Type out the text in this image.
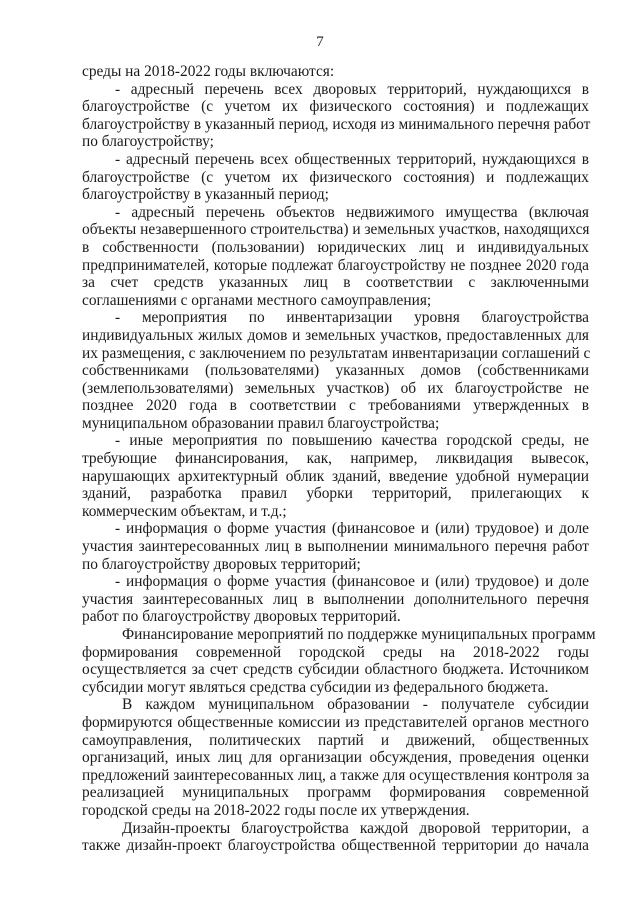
7
среды на 2018-2022 годы включаются:
- адресный перечень всех дворовых территорий, нуждающихся в
благоустройстве (с учетом их физического состояния) и подлежащих
благоустройству в указанный период, исходя из минимального перечня работ
по благоустройству;
- адресный перечень всех общественных территорий, нуждающихся в
благоустройстве (с учетом их физического состояния) и подлежащих
благоустройству в указанный период;
- адресный перечень объектов недвижимого имущества (включая
объекты незавершенного строительства) и земельных участков, находящихся
в собственности (пользовании) юридических лиц и индивидуальных
предпринимателей, которые подлежат благоустройству не позднее 2020 года
за счет средств указанных лиц в соответствии с заключенными
соглашениями с органами местного самоуправления;
- мероприятия по инвентаризации уровня благоустройства
индивидуальных жилых домов и земельных участков, предоставленных для
их размещения, с заключением по результатам инвентаризации соглашений с
собственниками (пользователями) указанных домов (собственниками
(землепользователями) земельных участков) об их благоустройстве не
позднее 2020 года в соответствии с требованиями утвержденных в
муниципальном образовании правил благоустройства;
- иные мероприятия по повышению качества городской среды, не
требующие финансирования, как, например, ликвидация вывесок,
нарушающих архитектурный облик зданий, введение удобной нумерации
зданий, разработка правил уборки территорий, прилегающих к
коммерческим объектам, и т.д.;
- информация о форме участия (финансовое и (или) трудовое) и доле
участия заинтересованных лиц в выполнении минимального перечня работ
по благоустройству дворовых территорий;
- информация о форме участия (финансовое и (или) трудовое) и доле
участия заинтересованных лиц в выполнении дополнительного перечня
работ по благоустройству дворовых территорий.
Финансирование мероприятий по поддержке муниципальных программ
формирования современной городской среды на 2018-2022 годы
осуществляется за счет средств субсидии областного бюджета. Источником
субсидии могут являться средства субсидии из федерального бюджета.
В каждом муниципальном образовании - получателе субсидии
формируются общественные комиссии из представителей органов местного
самоуправления, политических партий и движений, общественных
организаций, иных лиц для организации обсуждения, проведения оценки
предложений заинтересованных лиц, а также для осуществления контроля за
реализацией муниципальных программ формирования современной
городской среды на 2018-2022 годы после их утверждения.
Дизайн-проекты благоустройства каждой дворовой территории, а
также дизайн-проект благоустройства общественной территории до начала
